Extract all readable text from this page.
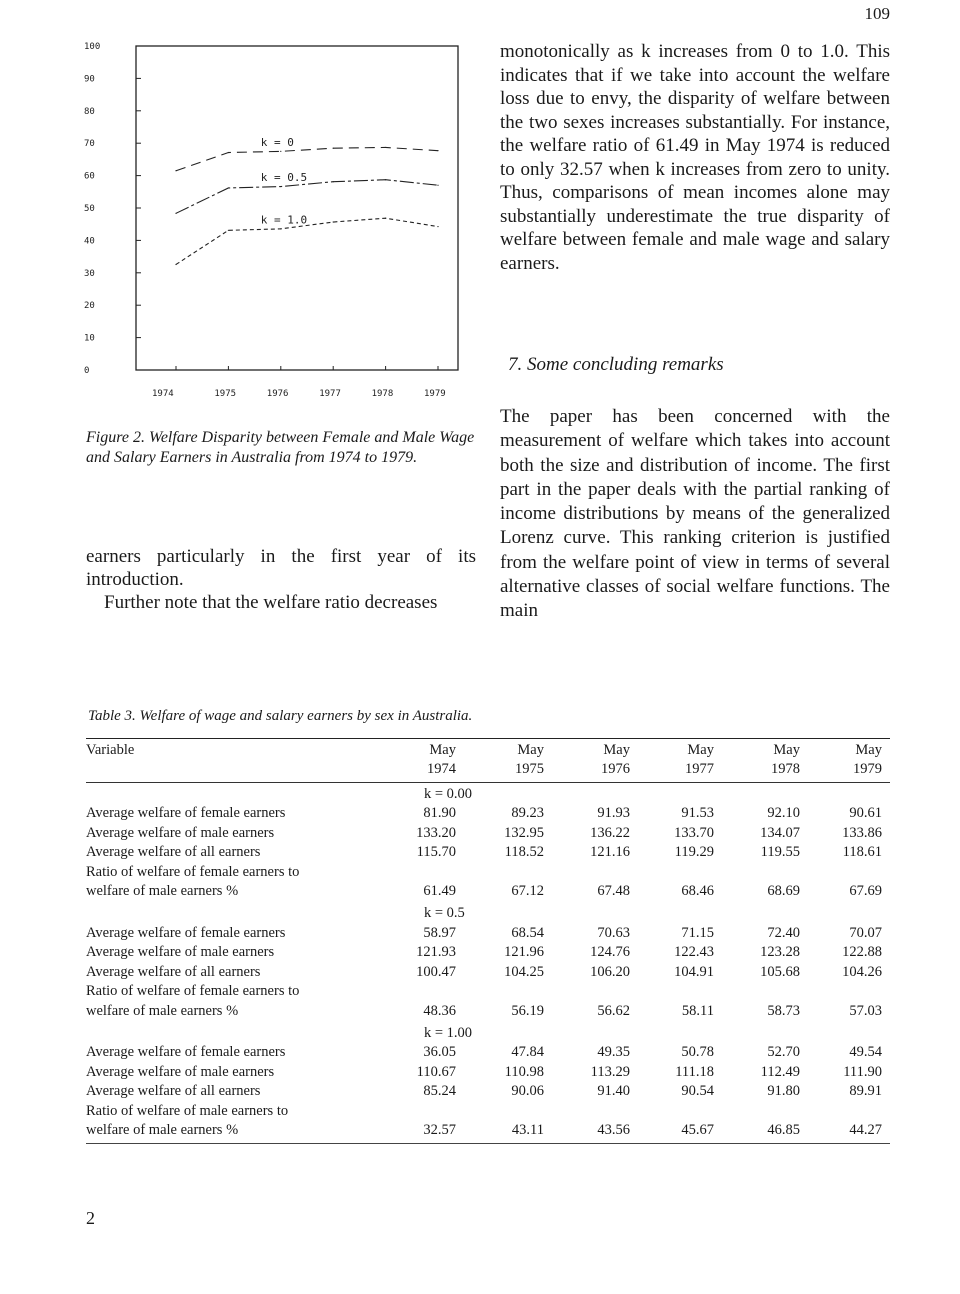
109
0
10
20
30
40
50
60
70
80
90
100
1974	1975	1976	1977	1978	1979
k = 0
k = 0.5
k = 1.0
Figure 2. Welfare Disparity between Female and Male Wage and Salary Earners in Australia from 1974 to 1979.

earners particularly in the first year of its introduction.

Further note that the welfare ratio decreases

monotonically as k increases from 0 to 1.0. This indicates that if we take into account the welfare loss due to envy, the disparity of welfare between the two sexes increases substantially. For instance, the welfare ratio of 61.49 in May 1974 is reduced to only 32.57 when k increases from zero to unity. Thus, comparisons of mean incomes alone may substantially underestimate the true disparity of welfare between female and male wage and salary earners.

7. Some concluding remarks

The paper has been concerned with the measurement of welfare which takes into account both the size and distribution of income. The first part in the paper deals with the partial ranking of income distributions by means of the generalized Lorenz curve. This ranking criterion is justified from the welfare point of view in terms of several alternative classes of social welfare functions. The main

Table 3. Welfare of wage and salary earners by sex in Australia.

Variable	May	May	May	May	May	May
	1974	1975	1976	1977	1978	1979

k = 0.00						
Average welfare of female earners	81.90	89.23	91.93	91.53	92.10	90.61
Average welfare of male earners	133.20	132.95	136.22	133.70	134.07	133.86
Average welfare of all earners	115.70	118.52	121.16	119.29	119.55	118.61
Ratio of welfare of female earners to						
welfare of male earners %	61.49	67.12	67.48	68.46	68.69	67.69
k = 0.5						
Average welfare of female earners	58.97	68.54	70.63	71.15	72.40	70.07
Average welfare of male earners	121.93	121.96	124.76	122.43	123.28	122.88
Average welfare of all earners	100.47	104.25	106.20	104.91	105.68	104.26
Ratio of welfare of female earners to						
welfare of male earners %	48.36	56.19	56.62	58.11	58.73	57.03
k = 1.00						
Average welfare of female earners	36.05	47.84	49.35	50.78	52.70	49.54
Average welfare of male earners	110.67	110.98	113.29	111.18	112.49	111.90
Average welfare of all earners	85.24	90.06	91.40	90.54	91.80	89.91
Ratio of welfare of male earners to						
welfare of male earners %	32.57	43.11	43.56	45.67	46.85	44.27

2
